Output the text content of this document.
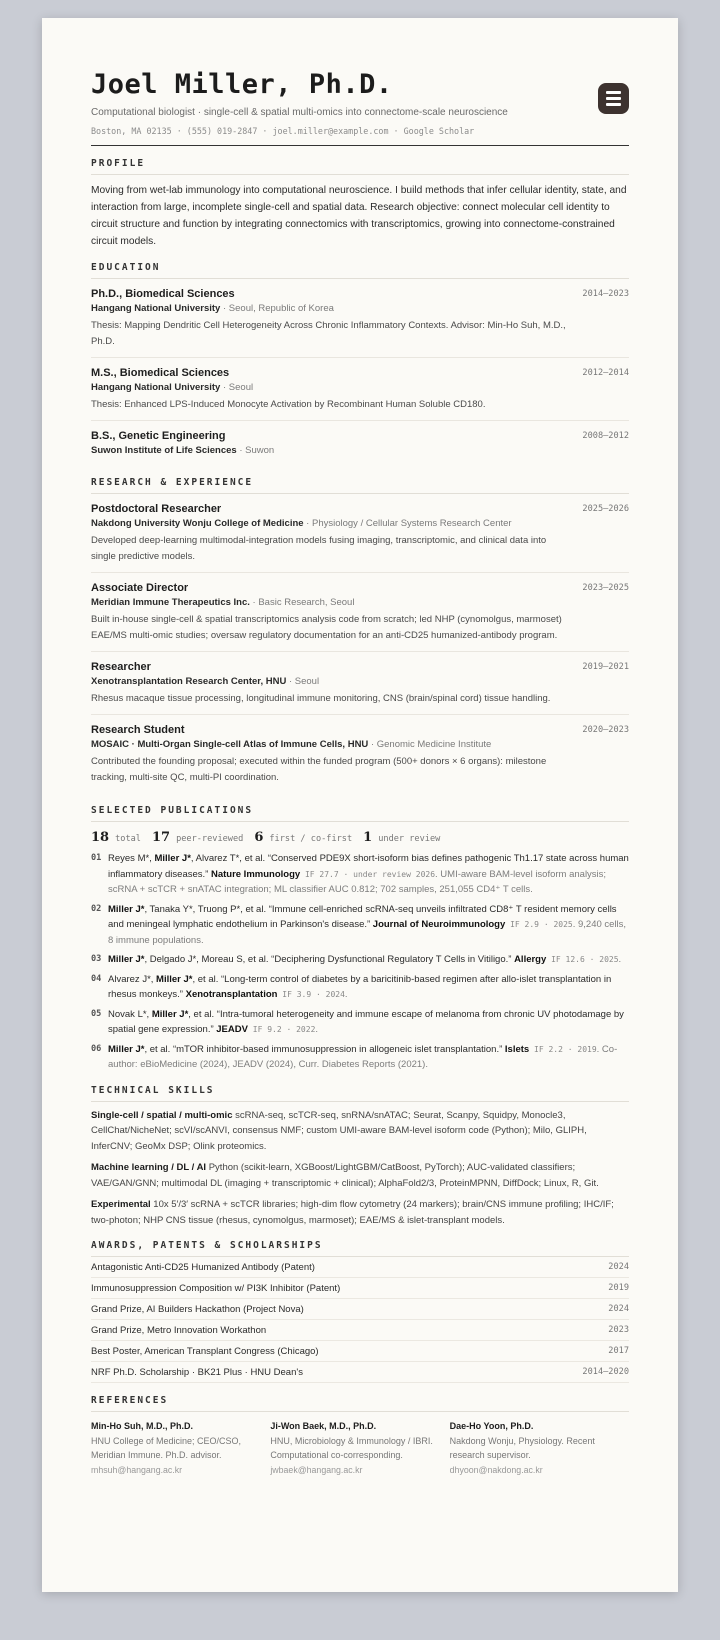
Joel Miller, Ph.D.
Computational biologist · single-cell & spatial multi-omics into connectome-scale neuroscience
Boston, MA 02135 · (555) 019-2847 · joel.miller@example.com · Google Scholar
PROFILE
Moving from wet-lab immunology into computational neuroscience. I build methods that infer cellular identity, state, and interaction from large, incomplete single-cell and spatial data. Research objective: connect molecular cell identity to circuit structure and function by integrating connectomics with transcriptomics, growing into connectome-constrained circuit models.
EDUCATION
Ph.D., Biomedical Sciences
Hangang National University · Seoul, Republic of Korea
Thesis: Mapping Dendritic Cell Heterogeneity Across Chronic Inflammatory Contexts. Advisor: Min-Ho Suh, M.D., Ph.D.
2014–2023
M.S., Biomedical Sciences
Hangang National University · Seoul
Thesis: Enhanced LPS-Induced Monocyte Activation by Recombinant Human Soluble CD180.
2012–2014
B.S., Genetic Engineering
Suwon Institute of Life Sciences · Suwon
2008–2012
RESEARCH & EXPERIENCE
Postdoctoral Researcher
Nakdong University Wonju College of Medicine · Physiology / Cellular Systems Research Center
Developed deep-learning multimodal-integration models fusing imaging, transcriptomic, and clinical data into single predictive models.
2025–2026
Associate Director
Meridian Immune Therapeutics Inc. · Basic Research, Seoul
Built in-house single-cell & spatial transcriptomics analysis code from scratch; led NHP (cynomolgus, marmoset) EAE/MS multi-omic studies; oversaw regulatory documentation for an anti-CD25 humanized-antibody program.
2023–2025
Researcher
Xenotransplantation Research Center, HNU · Seoul
Rhesus macaque tissue processing, longitudinal immune monitoring, CNS (brain/spinal cord) tissue handling.
2019–2021
Research Student
MOSAIC · Multi-Organ Single-cell Atlas of Immune Cells, HNU · Genomic Medicine Institute
Contributed the founding proposal; executed within the funded program (500+ donors × 6 organs): milestone tracking, multi-site QC, multi-PI coordination.
2020–2023
SELECTED PUBLICATIONS
18 total 17 peer-reviewed 6 first / co-first 1 under review
01 Reyes M*, Miller J*, Alvarez T*, et al. “Conserved PDE9X short-isoform bias defines pathogenic Th1.17 state across human inflammatory diseases.” Nature Immunology IF 27.7 · under review 2026. UMI-aware BAM-level isoform analysis; scRNA + scTCR + snATAC integration; ML classifier AUC 0.812; 702 samples, 251,055 CD4⁺ T cells.
02 Miller J*, Tanaka Y*, Truong P*, et al. “Immune cell-enriched scRNA-seq unveils infiltrated CD8⁺ T resident memory cells and meningeal lymphatic endothelium in Parkinson's disease.” Journal of Neuroimmunology IF 2.9 · 2025. 9,240 cells, 8 immune populations.
03 Miller J*, Delgado J*, Moreau S, et al. “Deciphering Dysfunctional Regulatory T Cells in Vitiligo.” Allergy IF 12.6 · 2025.
04 Alvarez J*, Miller J*, et al. “Long-term control of diabetes by a baricitinib-based regimen after allo-islet transplantation in rhesus monkeys.” Xenotransplantation IF 3.9 · 2024.
05 Novak L*, Miller J*, et al. “Intra-tumoral heterogeneity and immune escape of melanoma from chronic UV photodamage by spatial gene expression.” JEADV IF 9.2 · 2022.
06 Miller J*, et al. “mTOR inhibitor-based immunosuppression in allogeneic islet transplantation.” Islets IF 2.2 · 2019. Co-author: eBioMedicine (2024), JEADV (2024), Curr. Diabetes Reports (2021).
TECHNICAL SKILLS
Single-cell / spatial / multi-omic scRNA-seq, scTCR-seq, snRNA/snATAC; Seurat, Scanpy, Squidpy, Monocle3, CellChat/NicheNet; scVI/scANVI, consensus NMF; custom UMI-aware BAM-level isoform code (Python); Milo, GLIPH, InferCNV; GeoMx DSP; Olink proteomics.
Machine learning / DL / AI Python (scikit-learn, XGBoost/LightGBM/CatBoost, PyTorch); AUC-validated classifiers; VAE/GAN/GNN; multimodal DL (imaging + transcriptomic + clinical); AlphaFold2/3, ProteinMPNN, DiffDock; Linux, R, Git.
Experimental 10x 5′/3′ scRNA + scTCR libraries; high-dim flow cytometry (24 markers); brain/CNS immune profiling; IHC/IF; two-photon; NHP CNS tissue (rhesus, cynomolgus, marmoset); EAE/MS & islet-transplant models.
AWARDS, PATENTS & SCHOLARSHIPS
Antagonistic Anti-CD25 Humanized Antibody (Patent)	2024
Immunosuppression Composition w/ PI3K Inhibitor (Patent)	2019
Grand Prize, AI Builders Hackathon (Project Nova)	2024
Grand Prize, Metro Innovation Workathon	2023
Best Poster, American Transplant Congress (Chicago)	2017
NRF Ph.D. Scholarship · BK21 Plus · HNU Dean's	2014–2020
REFERENCES
Min-Ho Suh, M.D., Ph.D.
HNU College of Medicine; CEO/CSO, Meridian Immune. Ph.D. advisor.
mhsuh@hangang.ac.kr
Ji-Won Baek, M.D., Ph.D.
HNU, Microbiology & Immunology / IBRI. Computational co-corresponding.
jwbaek@hangang.ac.kr
Dae-Ho Yoon, Ph.D.
Nakdong Wonju, Physiology. Recent research supervisor.
dhyoon@nakdong.ac.kr
